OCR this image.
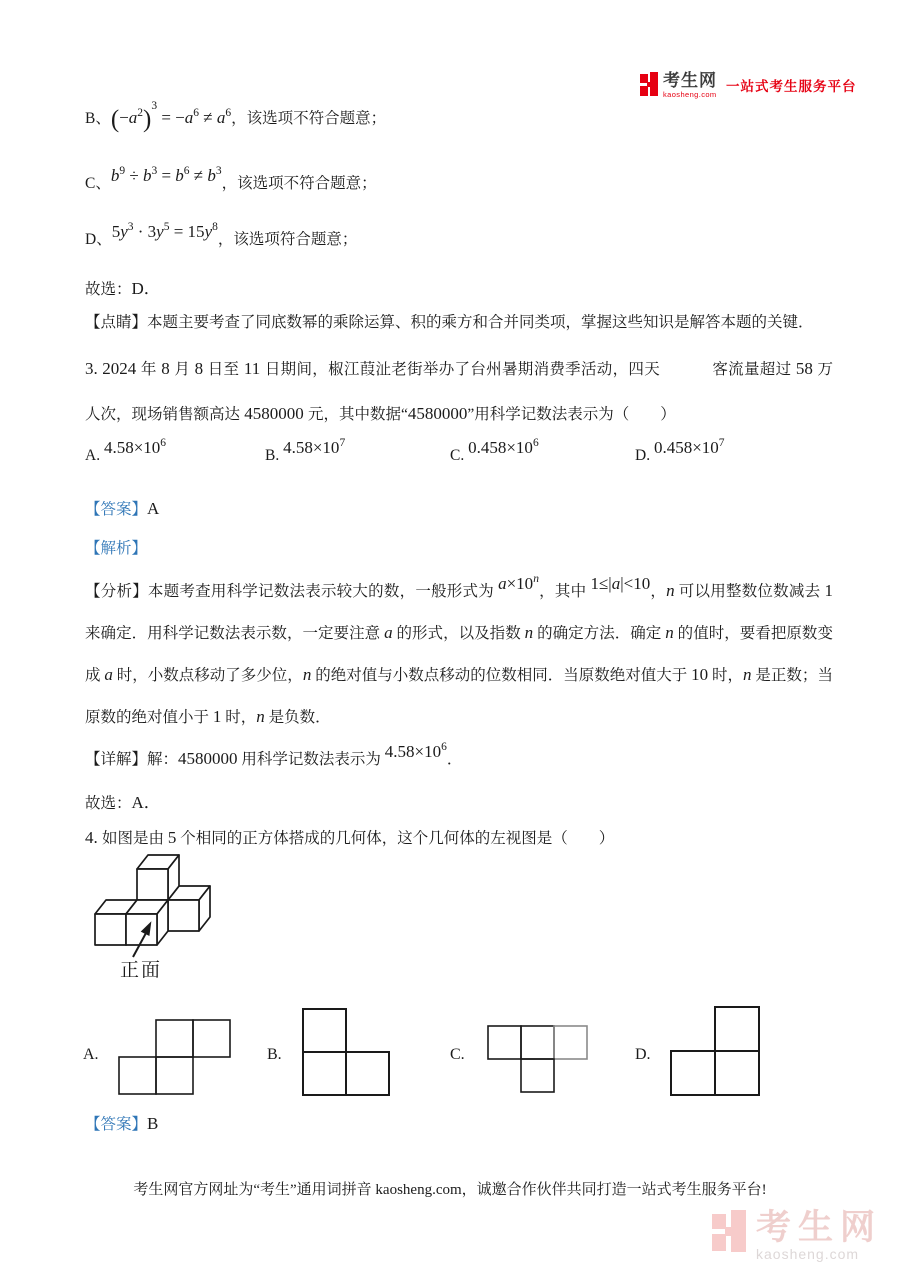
考生网
kaosheng.com
一站式考生服务平台

B、$(-a^2)^3 = -a^6 \ne a^6$，该选项不符合题意；

C、$b^9 \div b^3 = b^6 \ne b^3$，该选项不符合题意；

D、$5y^3 \cdot 3y^5 = 15y^8$，该选项符合题意；

故选：D．

【点睛】本题主要考查了同底数幂的乘除运算、积的乘方和合并同类项，掌握这些知识是解答本题的关键．

3. 2024 年 8 月 8 日至 11 日期间，椒江葭沚老街举办了台州暑期消费季活动，四天	客流量超过 58 万人次，现场销售额高达 4580000 元，其中数据“4580000”用科学记数法表示为（　　）

A. $4.58\times 10^6$
B. $4.58\times 10^7$
C. $0.458\times 10^6$
D. $0.458\times 10^7$

【答案】A

【解析】

【分析】本题考查用科学记数法表示较大的数，一般形式为 $a\times 10^n$，其中 1≤|a|<10，n 可以用整数位数减去 1 来确定．用科学记数法表示数，一定要注意 a 的形式，以及指数 n 的确定方法．确定 n 的值时，要看把原数变成 a 时，小数点移动了多少位，n 的绝对值与小数点移动的位数相同．当原数绝对值大于 10 时，n 是正数；当原数的绝对值小于 1 时，n 是负数．

【详解】解：4580000 用科学记数法表示为 $4.58\times 10^6$．

故选：A．

4. 如图是由 5 个相同的正方体搭成的几何体，这个几何体的左视图是（　　）

正面
A.	B.	C.	D.

【答案】B

考生网官方网址为“考生”通用词拼音 kaosheng.com，诚邀合作伙伴共同打造一站式考生服务平台!

考生网
kaosheng.com
